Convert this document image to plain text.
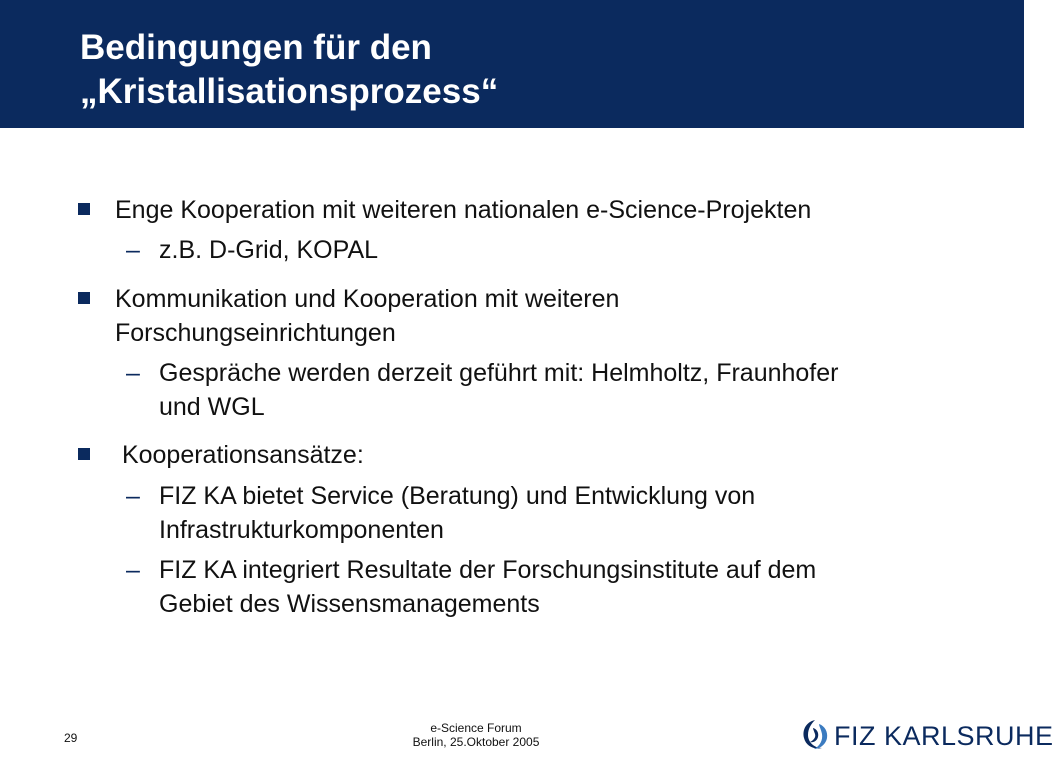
Bedingungen für den
„Kristallisationsprozess“
Enge Kooperation mit weiteren nationalen e-Science-Projekten
– z.B. D-Grid, KOPAL
Kommunikation und Kooperation mit weiteren
Forschungseinrichtungen
– Gespräche werden derzeit geführt mit: Helmholtz, Fraunhofer
und WGL
Kooperationsansätze:
– FIZ KA bietet Service (Beratung) und Entwicklung von
Infrastrukturkomponenten
– FIZ KA integriert Resultate der Forschungsinstitute auf dem
Gebiet des Wissensmanagements
29
e-Science Forum
Berlin, 25.Oktober 2005	FIZ KARLSRUHE
